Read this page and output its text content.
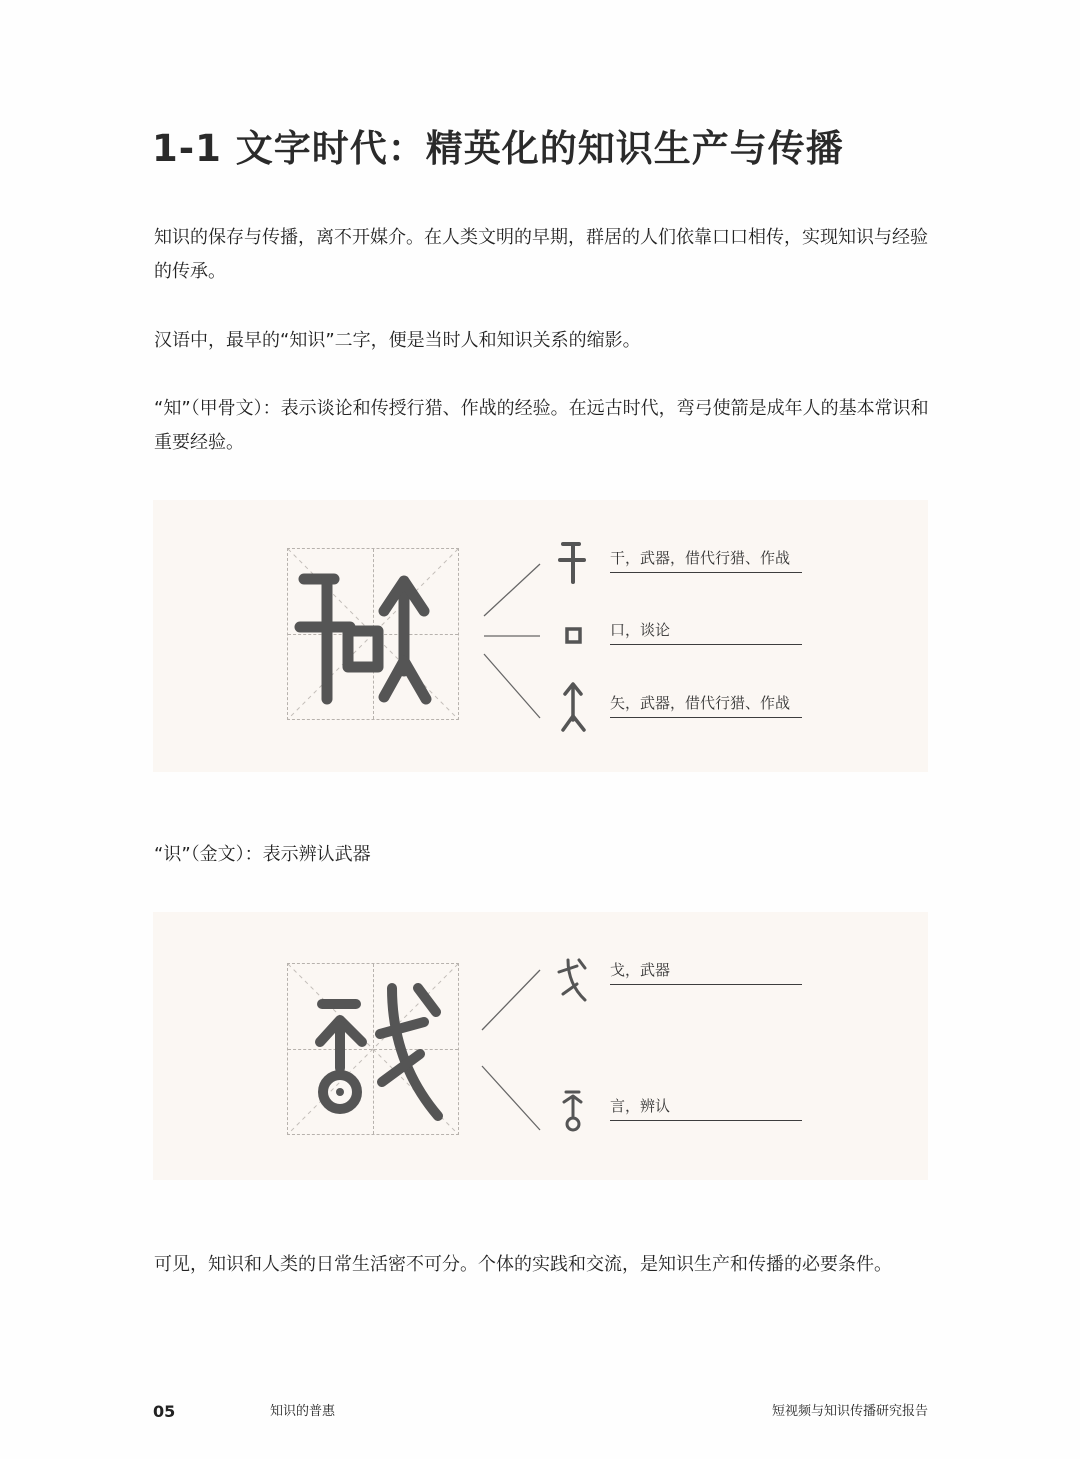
1-1 文字时代：精英化的知识生产与传播
知识的保存与传播，离不开媒介。在人类文明的早期，群居的人们依靠口口相传，实现知识与经验的传承。
汉语中，最早的“知识”二字，便是当时人和知识关系的缩影。
“知”（甲骨文）：表示谈论和传授行猎、作战的经验。在远古时代，弯弓使箭是成年人的基本常识和重要经验。
干，武器，借代行猎、作战
口，谈论
矢，武器，借代行猎、作战
“识”（金文）：表示辨认武器
戈，武器
言，辨认
可见，知识和人类的日常生活密不可分。个体的实践和交流，是知识生产和传播的必要条件。
05	知识的普惠	短视频与知识传播研究报告
